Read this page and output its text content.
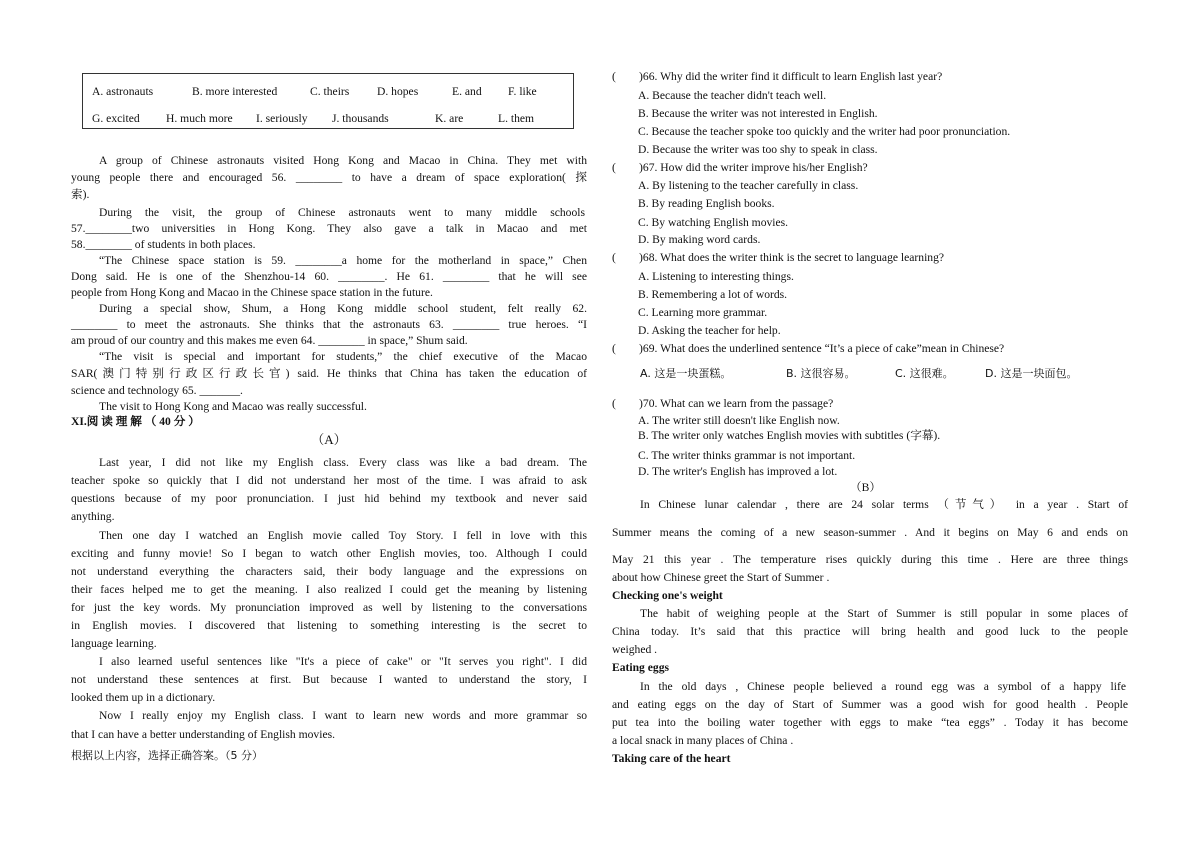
A. astronauts	B. more interested	C. theirs D. hopes	E. and F. like
G. excited H. much more I. seriously J. thousands	K. are	L. them
A group of Chinese astronauts visited Hong Kong and Macao in China. They met with
young people there and encouraged 56. ________ to have a dream of space exploration( 探
索).
During the visit, the group of Chinese astronauts went to many middle schools
57.________two universities in Hong Kong. They also gave a talk in Macao and met
58.________ of students in both places.
“The Chinese space station is 59. ________a home for the motherland in space,” Chen
Dong said. He is one of the Shenzhou-14 60. ________. He 61. ________ that he will see
people from Hong Kong and Macao in the Chinese space station in the future.
During a special show, Shum, a Hong Kong middle school student, felt really 62.
________ to meet the astronauts. She thinks that the astronauts 63. ________ true heroes. “I
am proud of our country and this makes me even 64. ________ in space,” Shum said.
“The visit is special and important for students,” the chief executive of the Macao
SAR(澳门特别行政区行政长官) said. He thinks that China has taken the education of
science and technology 65. _______.
The visit to Hong Kong and Macao was really successful.
XI.阅 读 理 解 （ 40 分 ）
（A）
Last year, I did not like my English class. Every class was like a bad dream. The
teacher spoke so quickly that I did not understand her most of the time. I was afraid to ask
questions because of my poor pronunciation. I just hid behind my textbook and never said
anything.
Then one day I watched an English movie called Toy Story. I fell in love with this
exciting and funny movie! So I began to watch other English movies, too. Although I could
not understand everything the characters said, their body language and the expressions on
their faces helped me to get the meaning. I also realized I could get the meaning by listening
for just the key words. My pronunciation improved as well by listening to the conversations
in English movies. I discovered that listening to something interesting is the secret to
language learning.
I also learned useful sentences like "It's a piece of cake" or "It serves you right". I did
not understand these sentences at first. But because I wanted to understand the story, I
looked them up in a dictionary.
Now I really enjoy my English class. I want to learn new words and more grammar so
that I can have a better understanding of English movies.
根据以上内容，选择正确答案。（5 分）
(　　)66. Why did the writer find it difficult to learn English last year?
A. Because the teacher didn't teach well.
B. Because the writer was not interested in English.
C. Because the teacher spoke too quickly and the writer had poor pronunciation.
D. Because the writer was too shy to speak in class.
(　　)67. How did the writer improve his/her English?
A. By listening to the teacher carefully in class.
B. By reading English books.
C. By watching English movies.
D. By making word cards.
(　　)68. What does the writer think is the secret to language learning?
A. Listening to interesting things.
B. Remembering a lot of words.
C. Learning more grammar.
D. Asking the teacher for help.
(　　)69. What does the underlined sentence “It’s a piece of cake”mean in Chinese?
A. 这是一块蛋糕。	B. 这很容易。	C. 这很难。	D. 这是一块面包。
(　　)70. What can we learn from the passage?
A. The writer still doesn't like English now.
B. The writer only watches English movies with subtitles (字幕).
C. The writer thinks grammar is not important.
D. The writer's English has improved a lot.
（B）
In Chinese lunar calendar , there are 24 solar terms （节气） in a year . Start of
Summer means the coming of a new season-summer . And it begins on May 6 and ends on
May 21 this year . The temperature rises quickly during this time . Here are three things
about how Chinese greet the Start of Summer .
Checking one's weight
The habit of weighing people at the Start of Summer is still popular in some places of
China today. It’s said that this practice will bring health and good luck to the people
weighed .
Eating eggs
In the old days , Chinese people believed a round egg was a symbol of a happy life
and eating eggs on the day of Start of Summer was a good wish for good health . People
put tea into the boiling water together with eggs to make “tea eggs” . Today it has become
a local snack in many places of China .
Taking care of the heart
